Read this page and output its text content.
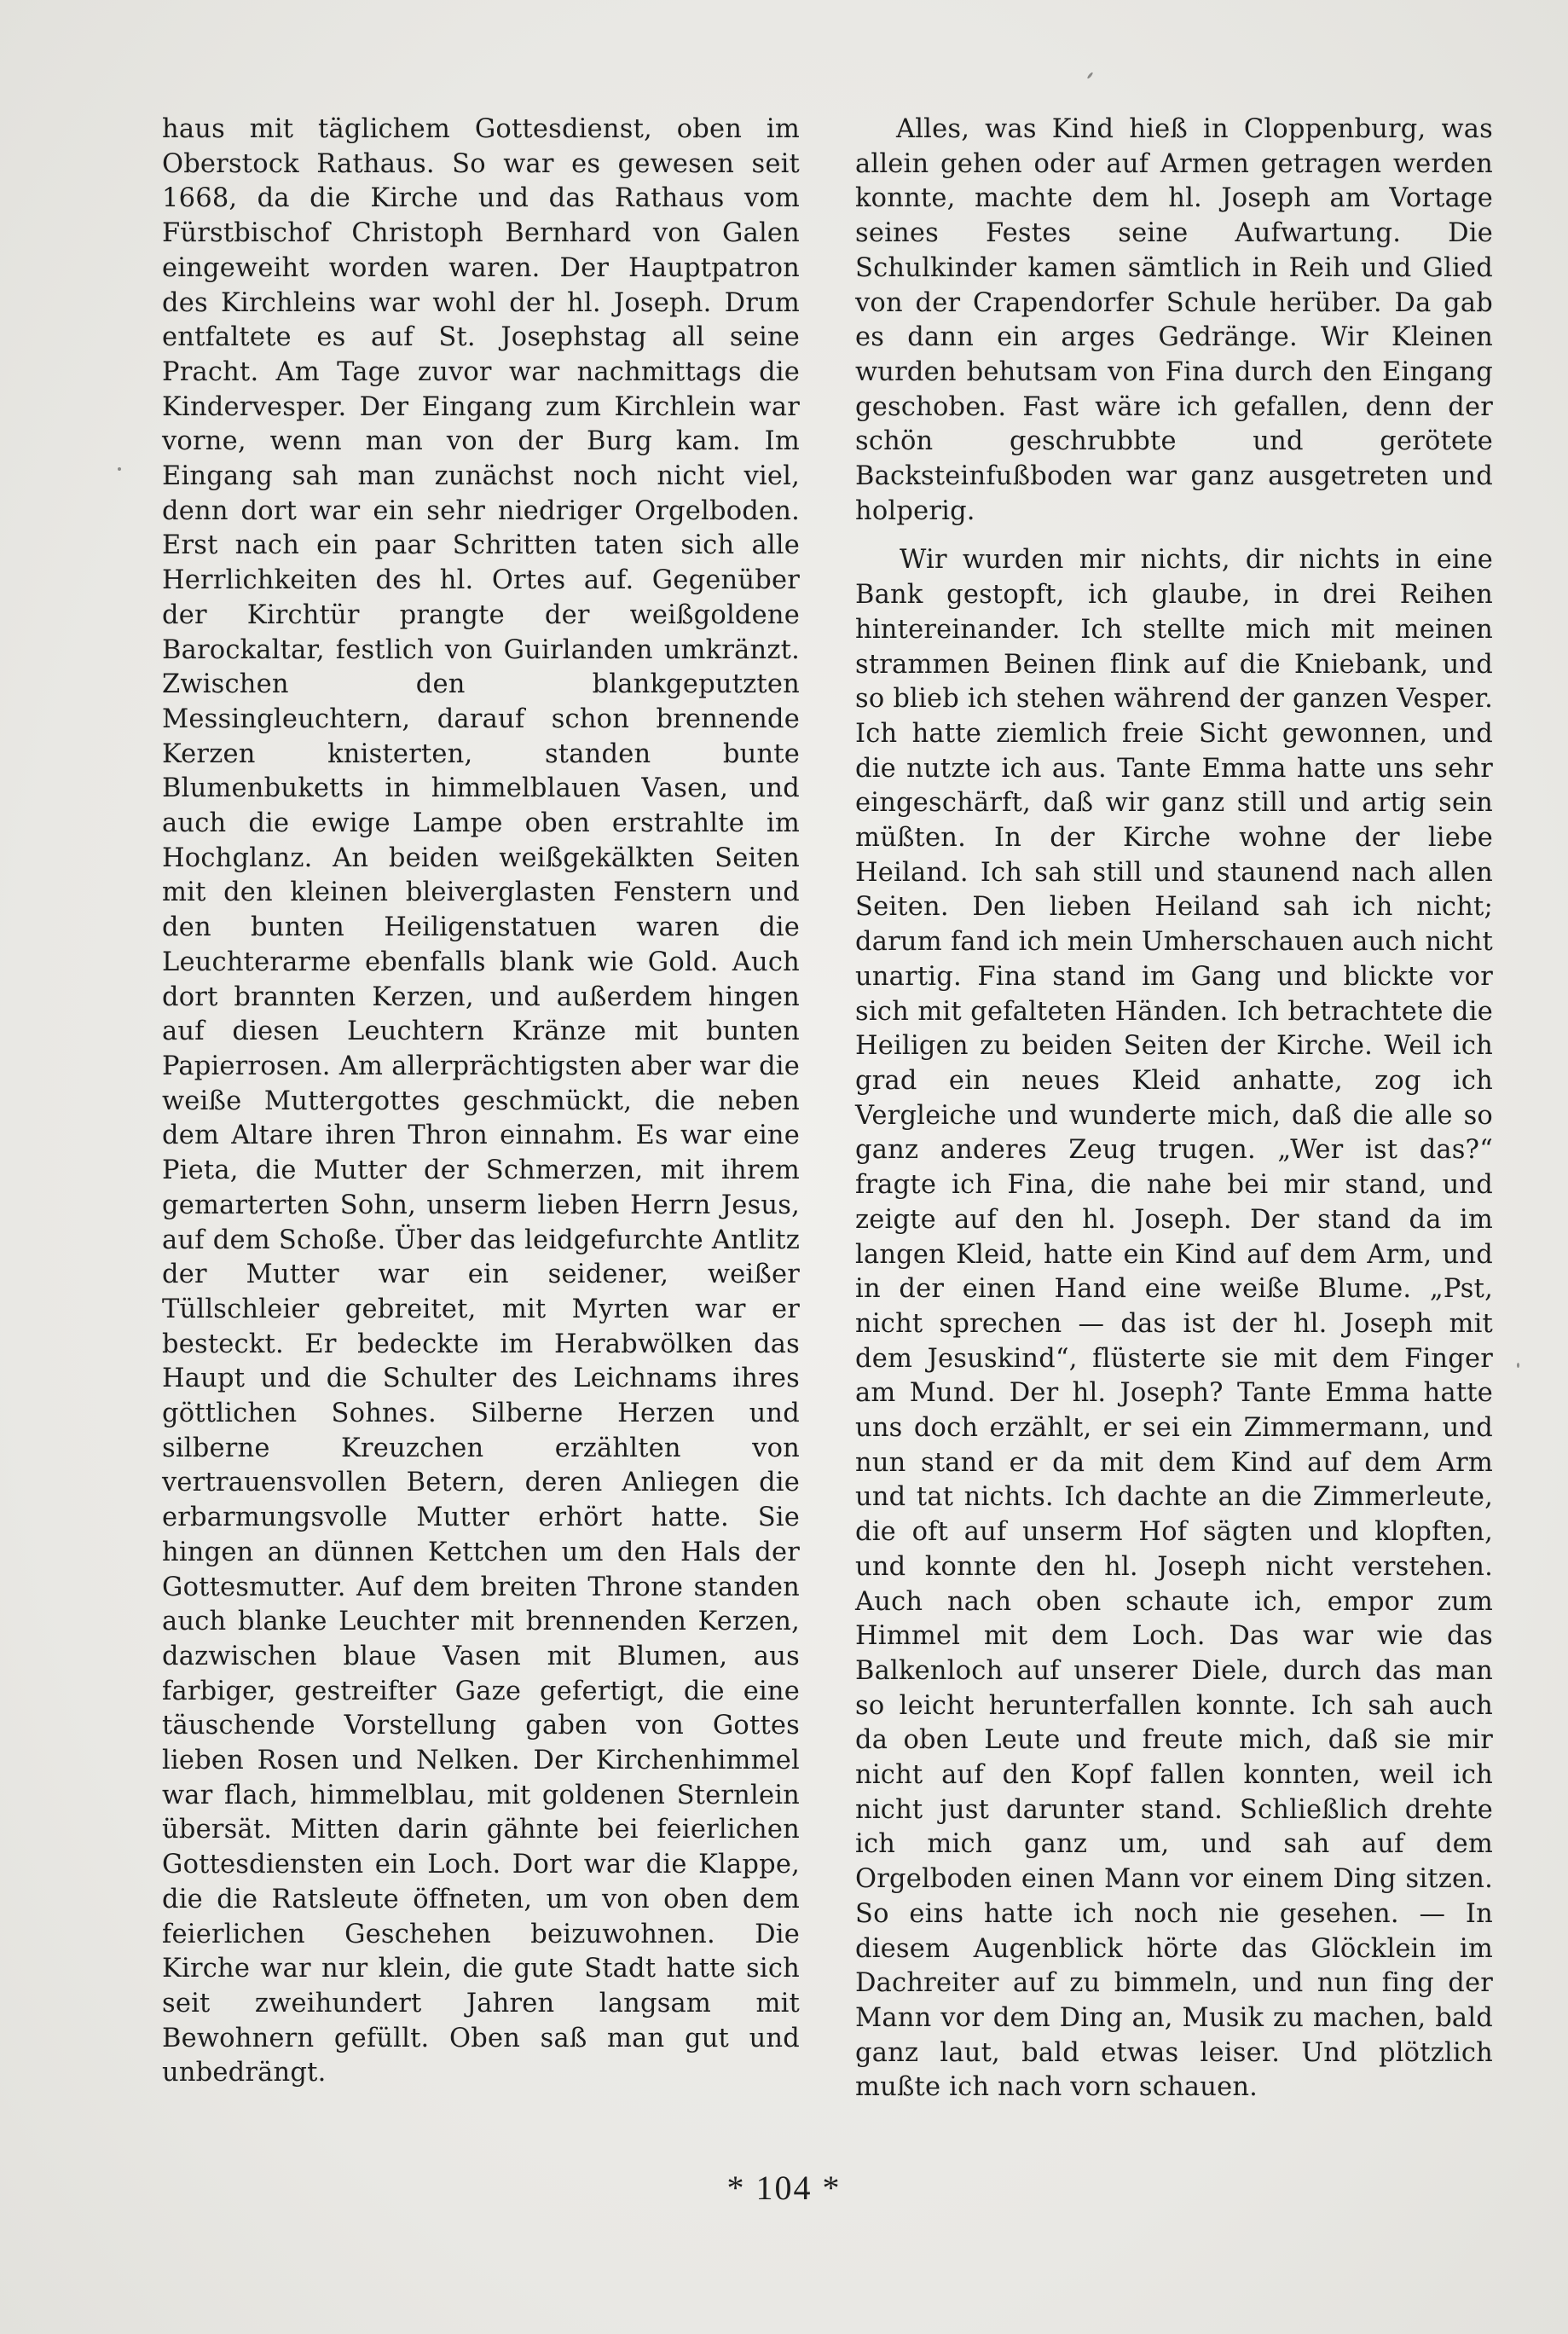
haus mit täglichem Gottesdienst, oben im Oberstock Rathaus. So war es gewesen seit 1668, da die Kirche und das Rathaus vom Fürstbischof Christoph Bernhard von Galen eingeweiht worden waren. Der Hauptpatron des Kirchleins war wohl der hl. Joseph. Drum entfaltete es auf St. Josephstag all seine Pracht. Am Tage zuvor war nachmittags die Kindervesper. Der Eingang zum Kirchlein war vorne, wenn man von der Burg kam. Im Eingang sah man zunächst noch nicht viel, denn dort war ein sehr niedriger Orgelboden. Erst nach ein paar Schritten taten sich alle Herrlichkeiten des hl. Ortes auf. Gegenüber der Kirchtür prangte der weißgoldene Barockaltar, festlich von Guirlanden umkränzt. Zwischen den blankgeputzten Messingleuchtern, darauf schon brennende Kerzen knisterten, standen bunte Blumenbuketts in himmelblauen Vasen, und auch die ewige Lampe oben erstrahlte im Hochglanz. An beiden weißgekälkten Seiten mit den kleinen bleiverglasten Fenstern und den bunten Heiligenstatuen waren die Leuchterarme ebenfalls blank wie Gold. Auch dort brannten Kerzen, und außerdem hingen auf diesen Leuchtern Kränze mit bunten Papierrosen. Am allerprächtigsten aber war die weiße Muttergottes geschmückt, die neben dem Altare ihren Thron einnahm. Es war eine Pieta, die Mutter der Schmerzen, mit ihrem gemarterten Sohn, unserm lieben Herrn Jesus, auf dem Schoße. Über das leidgefurchte Antlitz der Mutter war ein seidener, weißer Tüllschleier gebreitet, mit Myrten war er besteckt. Er bedeckte im Herabwölken das Haupt und die Schulter des Leichnams ihres göttlichen Sohnes. Silberne Herzen und silberne Kreuzchen erzählten von vertrauensvollen Betern, deren Anliegen die erbarmungsvolle Mutter erhört hatte. Sie hingen an dünnen Kettchen um den Hals der Gottesmutter. Auf dem breiten Throne standen auch blanke Leuchter mit brennenden Kerzen, dazwischen blaue Vasen mit Blumen, aus farbiger, gestreifter Gaze gefertigt, die eine täuschende Vorstellung gaben von Gottes lieben Rosen und Nelken. Der Kirchenhimmel war flach, himmelblau, mit goldenen Sternlein übersät. Mitten darin gähnte bei feierlichen Gottesdiensten ein Loch. Dort war die Klappe, die die Ratsleute öffneten, um von oben dem feierlichen Geschehen beizuwohnen. Die Kirche war nur klein, die gute Stadt hatte sich seit zweihundert Jahren langsam mit Bewohnern gefüllt. Oben saß man gut und unbedrängt.

Alles, was Kind hieß in Cloppenburg, was allein gehen oder auf Armen getragen werden konnte, machte dem hl. Joseph am Vortage seines Festes seine Aufwartung. Die Schulkinder kamen sämtlich in Reih und Glied von der Crapendorfer Schule herüber. Da gab es dann ein arges Gedränge. Wir Kleinen wurden behutsam von Fina durch den Eingang geschoben. Fast wäre ich gefallen, denn der schön geschrubbte und gerötete Backsteinfußboden war ganz ausgetreten und holperig.

Wir wurden mir nichts, dir nichts in eine Bank gestopft, ich glaube, in drei Reihen hintereinander. Ich stellte mich mit meinen strammen Beinen flink auf die Kniebank, und so blieb ich stehen während der ganzen Vesper. Ich hatte ziemlich freie Sicht gewonnen, und die nutzte ich aus. Tante Emma hatte uns sehr eingeschärft, daß wir ganz still und artig sein müßten. In der Kirche wohne der liebe Heiland. Ich sah still und staunend nach allen Seiten. Den lieben Heiland sah ich nicht; darum fand ich mein Umherschauen auch nicht unartig. Fina stand im Gang und blickte vor sich mit gefalteten Händen. Ich betrachtete die Heiligen zu beiden Seiten der Kirche. Weil ich grad ein neues Kleid anhatte, zog ich Vergleiche und wunderte mich, daß die alle so ganz anderes Zeug trugen. „Wer ist das?“ fragte ich Fina, die nahe bei mir stand, und zeigte auf den hl. Joseph. Der stand da im langen Kleid, hatte ein Kind auf dem Arm, und in der einen Hand eine weiße Blume. „Pst, nicht sprechen — das ist der hl. Joseph mit dem Jesuskind“, flüsterte sie mit dem Finger am Mund. Der hl. Joseph? Tante Emma hatte uns doch erzählt, er sei ein Zimmermann, und nun stand er da mit dem Kind auf dem Arm und tat nichts. Ich dachte an die Zimmerleute, die oft auf unserm Hof sägten und klopften, und konnte den hl. Joseph nicht verstehen. Auch nach oben schaute ich, empor zum Himmel mit dem Loch. Das war wie das Balkenloch auf unserer Diele, durch das man so leicht herunterfallen konnte. Ich sah auch da oben Leute und freute mich, daß sie mir nicht auf den Kopf fallen konnten, weil ich nicht just darunter stand. Schließlich drehte ich mich ganz um, und sah auf dem Orgelboden einen Mann vor einem Ding sitzen. So eins hatte ich noch nie gesehen. — In diesem Augenblick hörte das Glöcklein im Dachreiter auf zu bimmeln, und nun fing der Mann vor dem Ding an, Musik zu machen, bald ganz laut, bald etwas leiser. Und plötzlich mußte ich nach vorn schauen.

* 104 *
